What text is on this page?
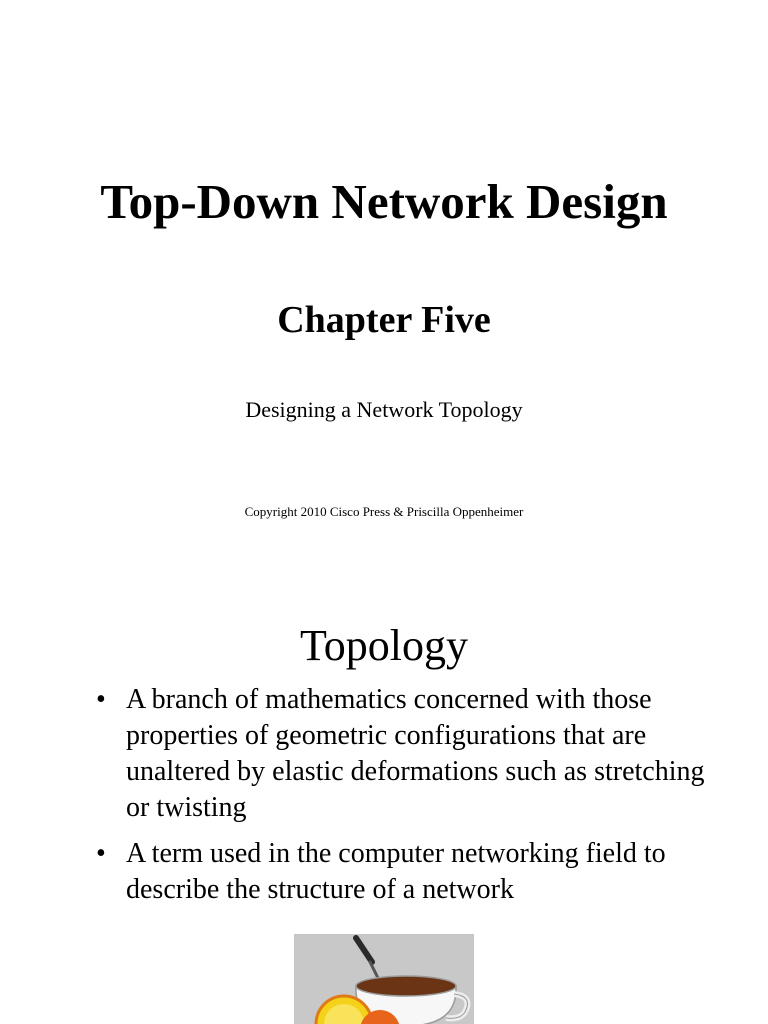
Top-Down Network Design
Chapter Five
Designing a Network Topology
Copyright 2010 Cisco Press & Priscilla Oppenheimer
Topology
• A branch of mathematics concerned with those properties of geometric configurations that are unaltered by elastic deformations such as stretching or twisting
• A term used in the computer networking field to describe the structure of a network
